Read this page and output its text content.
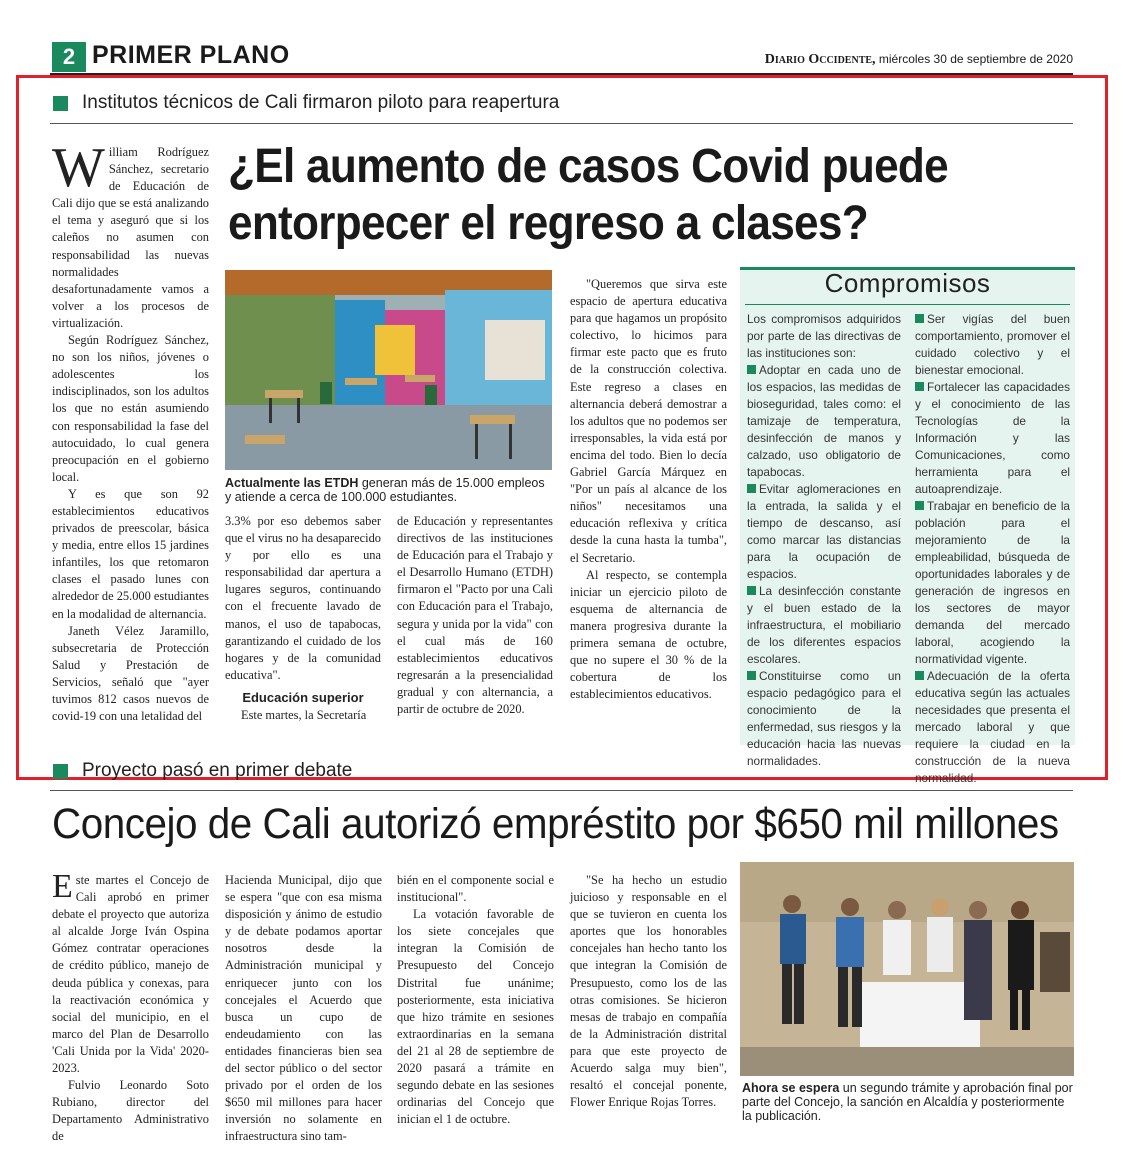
2 PRIMER PLANO	Diario Occidente, miércoles 30 de septiembre de 2020
Institutos técnicos de Cali firmaron piloto para reapertura
¿El aumento de casos Covid puede
entorpecer el regreso a clases?

William Rodríguez Sánchez, secretario de Educación de Cali dijo que se está analizando el tema y aseguró que si los caleños no asumen con responsabilidad las nuevas normalidades desafortunadamente vamos a volver a los procesos de virtualización.

Según Rodríguez Sánchez, no son los niños, jóvenes o adolescentes los indisciplinados, son los adultos los que no están asumiendo con responsabilidad la fase del autocuidado, lo cual genera preocupación en el gobierno local.

Y es que son 92 establecimientos educativos privados de preescolar, básica y media, entre ellos 15 jardines infantiles, los que retomaron clases el pasado lunes con alrededor de 25.000 estudiantes en la modalidad de alternancia.

Janeth Vélez Jaramillo, subsecretaria de Protección Salud y Prestación de Servicios, señaló que "ayer tuvimos 812 casos nuevos de covid-19 con una letalidad del

Actualmente las ETDH generan más de 15.000 empleos y atiende a cerca de 100.000 estudiantes.

3.3% por eso debemos saber que el virus no ha desaparecido y por ello es una responsabilidad dar apertura a lugares seguros, continuando con el frecuente lavado de manos, el uso de tapabocas, garantizando el cuidado de los hogares y de la comunidad educativa".

Educación superior

Este martes, la Secretaría

de Educación y representantes directivos de las instituciones de Educación para el Trabajo y el Desarrollo Humano (ETDH) firmaron el "Pacto por una Cali con Educación para el Trabajo, segura y unida por la vida" con el cual más de 160 establecimientos educativos regresarán a la presencialidad gradual y con alternancia, a partir de octubre de 2020.

"Queremos que sirva este espacio de apertura educativa para que hagamos un propósito colectivo, lo hicimos para firmar este pacto que es fruto de la construcción colectiva. Este regreso a clases en alternancia deberá demostrar a los adultos que no podemos ser irresponsables, la vida está por encima del todo. Bien lo decía Gabriel García Márquez en "Por un país al alcance de los niños" necesitamos una educación reflexiva y crítica desde la cuna hasta la tumba", el Secretario.

Al respecto, se contempla iniciar un ejercicio piloto de esquema de alternancia de manera progresiva durante la primera semana de octubre, que no supere el 30 % de la cobertura de los establecimientos educativos.

Compromisos
Los compromisos adquiridos por parte de las directivas de las instituciones son:
Adoptar en cada uno de los espacios, las medidas de bioseguridad, tales como: el tamizaje de temperatura, desinfección de manos y calzado, uso obligatorio de tapabocas.
Evitar aglomeraciones en la entrada, la salida y el tiempo de descanso, así como marcar las distancias para la ocupación de espacios.
La desinfección constante y el buen estado de la infraestructura, el mobiliario de los diferentes espacios escolares.
Constituirse como un espacio pedagógico para el conocimiento de la enfermedad, sus riesgos y la educación hacia las nuevas normalidades.
Ser vigías del buen comportamiento, promover el cuidado colectivo y el bienestar emocional.
Fortalecer las capacidades y el conocimiento de las Tecnologías de la Información y las Comunicaciones, como herramienta para el autoaprendizaje.
Trabajar en beneficio de la población para el mejoramiento de la empleabilidad, búsqueda de oportunidades laborales y de generación de ingresos en los sectores de mayor demanda del mercado laboral, acogiendo la normatividad vigente.
Adecuación de la oferta educativa según las actuales necesidades que presenta el mercado laboral y que requiere la ciudad en la construcción de la nueva normalidad.
Proyecto pasó en primer debate
Concejo de Cali autorizó empréstito por $650 mil millones

Este martes el Concejo de Cali aprobó en primer debate el proyecto que autoriza al alcalde Jorge Iván Ospina Gómez contratar operaciones de crédito público, manejo de deuda pública y conexas, para la reactivación económica y social del municipio, en el marco del Plan de Desarrollo 'Cali Unida por la Vida' 2020-2023.

Fulvio Leonardo Soto Rubiano, director del Departamento Administrativo de

Hacienda Municipal, dijo que se espera "que con esa misma disposición y ánimo de estudio y de debate podamos aportar nosotros desde la Administración municipal y enriquecer junto con los concejales el Acuerdo que busca un cupo de endeudamiento con las entidades financieras bien sea del sector público o del sector privado por el orden de los $650 mil millones para hacer inversión no solamente en infraestructura sino tam-

bién en el componente social e institucional".

La votación favorable de los siete concejales que integran la Comisión de Presupuesto del Concejo Distrital fue unánime; posteriormente, esta iniciativa que hizo trámite en sesiones extraordinarias en la semana del 21 al 28 de septiembre de 2020 pasará a trámite en segundo debate en las sesiones ordinarias del Concejo que inician el 1 de octubre.

"Se ha hecho un estudio juicioso y responsable en el que se tuvieron en cuenta los aportes que los honorables concejales han hecho tanto los que integran la Comisión de Presupuesto, como los de las otras comisiones. Se hicieron mesas de trabajo en compañía de la Administración distrital para que este proyecto de Acuerdo salga muy bien", resaltó el concejal ponente, Flower Enrique Rojas Torres.

Ahora se espera un segundo trámite y aprobación final por parte del Concejo, la sanción en Alcaldía y posteriormente la publicación.
